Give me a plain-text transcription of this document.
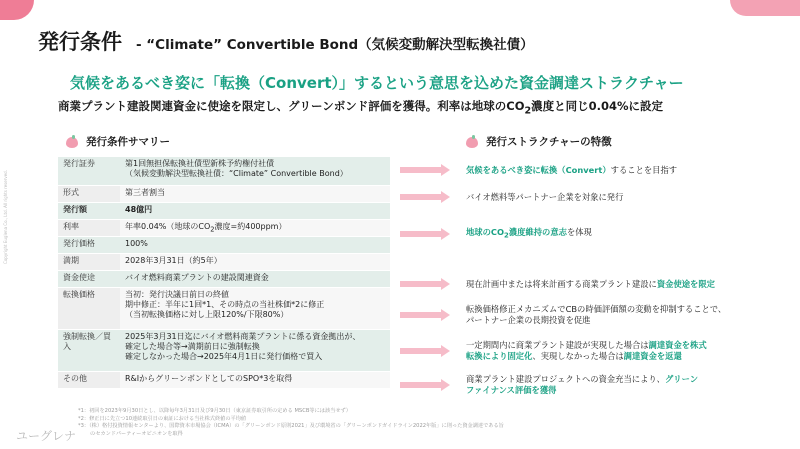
Copyright Euglena Co., Ltd. All rights reserved.
発行条件 - “Climate” Convertible Bond（気候変動解決型転換社債）
気候をあるべき姿に「転換（Convert）」するという意思を込めた資金調達ストラクチャー
商業プラント建設関連資金に使途を限定し、グリーンボンド評価を獲得。利率は地球の$CO_2$濃度と同じ0.04%に設定
発行条件サマリー	発行ストラクチャーの特徴
発行証券	第1回無担保転換社債型新株予約権付社債
（気候変動解決型転換社債：“Climate” Convertible Bond）

形式	第三者割当

発行額	48億円

利率	年率0.04%（地球の$CO_2$濃度=約400ppm）
発行価格	100%

満期	2028年3月31日（約5年）

資金使途	バイオ燃料商業プラントの建設関連資金

転換価格	当初：発行決議日前日の終値
期中修正：半年に1回*1、その時点の当社株価*2に修正
（当初転換価格に対し上限120%/下限80%）

強制転換／買入	2025年3月31日迄にバイオ燃料商業プラントに係る資金拠出が、
確定した場合等→満期前日に強制転換
確定しなかった場合→2025年4月1日に発行価格で買入

その他	R&IからグリーンボンドとしてのSPO*3を取得
気候をあるべき姿に転換（Convert）することを目指す
バイオ燃料等パートナー企業を対象に発行
地球の$CO_2$濃度維持の意志を体現
現在計画中または将来計画する商業プラント建設に資金使途を限定
転換価格修正メカニズムでCBの時価評価額の変動を抑制することで、
パートナー企業の長期投資を促進
一定期間内に商業プラント建設が実現した場合は調達資金を株式
転換により固定化、実現しなかった場合は調達資金を返還
商業プラント建設プロジェクトへの資金充当により、グリーン
ファイナンス評価を獲得
*1：初回を2023年9月30日とし、以降毎年3月31日及び9月30日（東京証券取引所の定める MSCB等には該当せず）
*2：修正日に先立つ10連続取引日の東証における当社株式終値の平均値
*3：（株）格付投資情報センターより、国際資本市場協会（ICMA）の「グリーンボンド原則2021」及び環境省の「グリーンボンドガイドライン2022年版」に則った資金調達である旨
のセカンドパーティーオピニオンを取得
ユーグレナ
